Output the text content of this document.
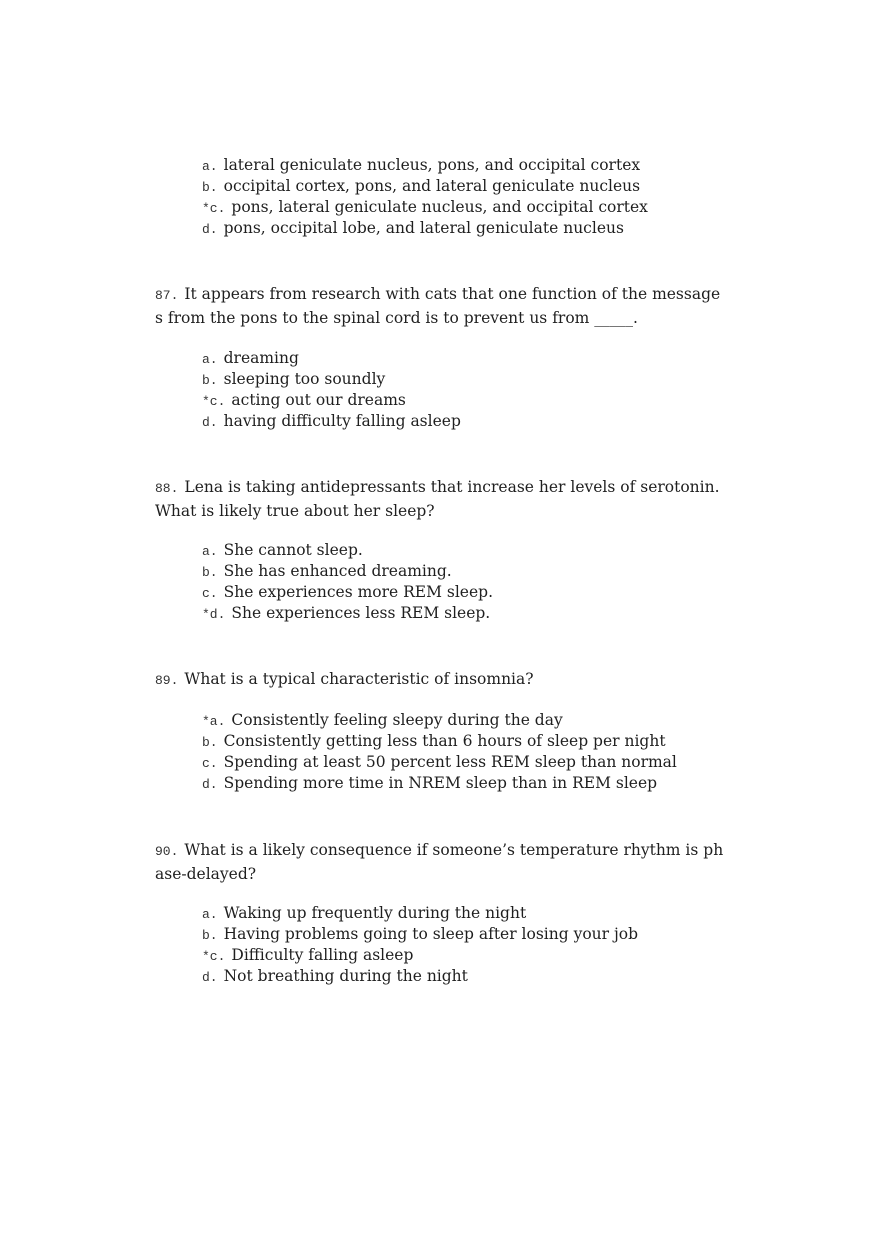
a. lateral geniculate nucleus, pons, and occipital cortex
b. occipital cortex, pons, and lateral geniculate nucleus
*c. pons, lateral geniculate nucleus, and occipital cortex
d. pons, occipital lobe, and lateral geniculate nucleus
87. It appears from research with cats that one function of the messages from the pons to the spinal cord is to prevent us from _____.
a. dreaming
b. sleeping too soundly
*c. acting out our dreams
d. having difficulty falling asleep
88. Lena is taking antidepressants that increase her levels of serotonin. What is likely true about her sleep?
a. She cannot sleep.
b. She has enhanced dreaming.
c. She experiences more REM sleep.
*d. She experiences less REM sleep.
89. What is a typical characteristic of insomnia?
*a. Consistently feeling sleepy during the day
b. Consistently getting less than 6 hours of sleep per night
c. Spending at least 50 percent less REM sleep than normal
d. Spending more time in NREM sleep than in REM sleep
90. What is a likely consequence if someone’s temperature rhythm is phase-delayed?
a. Waking up frequently during the night
b. Having problems going to sleep after losing your job
*c. Difficulty falling asleep
d. Not breathing during the night
